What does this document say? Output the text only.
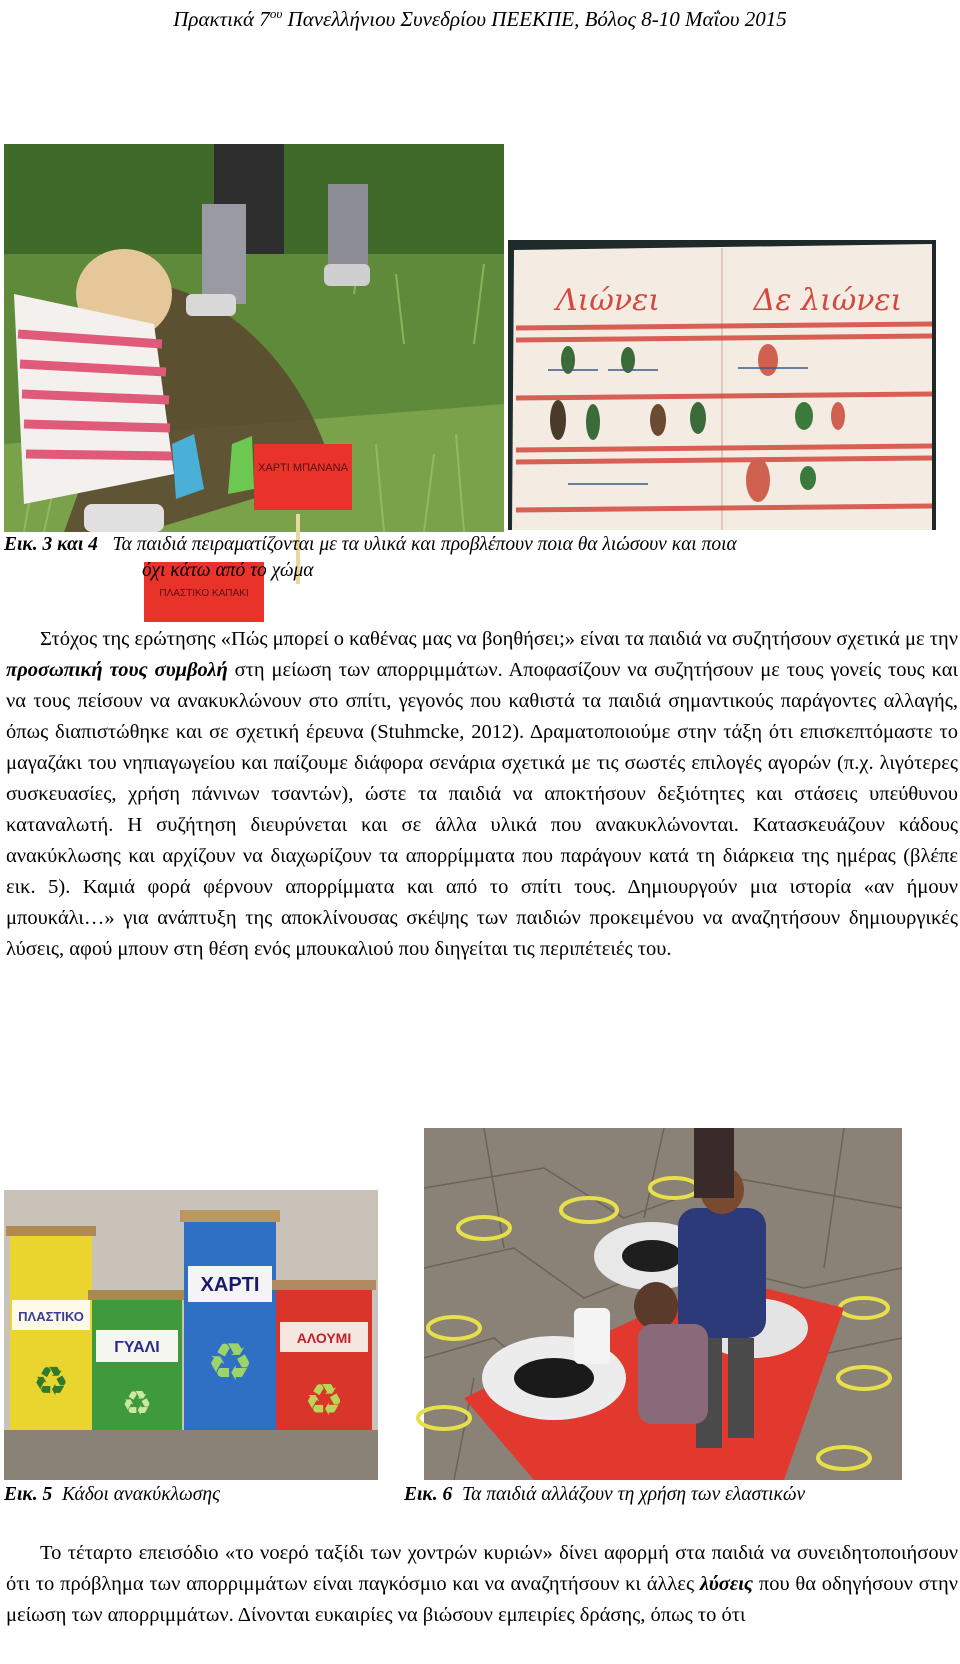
Πρακτικά $7^{o\upsilon}$ Πανελλήνιου Συνεδρίου ΠΕΕΚΠΕ, Βόλος 8-10 Μαΐου 2015
ΧΑΡΤΙ ΜΠΑΝΑΝΑ
ΠΛΑΣΤΙΚΟ ΚΑΠΑΚΙ
Λιώνει	Δε λιώνει
Εικ. 3 και 4 Τα παιδιά πειραματίζονται με τα υλικά και προβλέπουν ποια θα λιώσουν και ποια
όχι κάτω από το χώμα
Στόχος της ερώτησης «Πώς μπορεί ο καθένας μας να βοηθήσει;» είναι τα παιδιά να συζητήσουν σχετικά με την προσωπική τους συμβολή στη μείωση των απορριμμάτων. Αποφασίζουν να συζητήσουν με τους γονείς τους και να τους πείσουν να ανακυκλώνουν στο σπίτι, γεγονός που καθιστά τα παιδιά σημαντικούς παράγοντες αλλαγής, όπως διαπιστώθηκε και σε σχετική έρευνα (Stuhmcke, 2012). Δραματοποιούμε στην τάξη ότι επισκεπτόμαστε το μαγαζάκι του νηπιαγωγείου και παίζουμε διάφορα σενάρια σχετικά με τις σωστές επιλογές αγορών (π.χ. λιγότερες συσκευασίες, χρήση πάνινων τσαντών), ώστε τα παιδιά να αποκτήσουν δεξιότητες και στάσεις υπεύθυνου καταναλωτή. Η συζήτηση διευρύνεται και σε άλλα υλικά που ανακυκλώνονται. Κατασκευάζουν κάδους ανακύκλωσης και αρχίζουν να διαχωρίζουν τα απορρίμματα που παράγουν κατά τη διάρκεια της ημέρας (βλέπε εικ. 5). Καμιά φορά φέρνουν απορρίμματα και από το σπίτι τους. Δημιουργούν μια ιστορία «αν ήμουν μπουκάλι…» για ανάπτυξη της αποκλίνουσας σκέψης των παιδιών προκειμένου να αναζητήσουν δημιουργικές λύσεις, αφού μπουν στη θέση ενός μπουκαλιού που διηγείται τις περιπέτειές του.
ΠΛΑΣΤΙΚΟ
♻
ΓΥΑΛΙ
♻
ΧΑΡΤΙ
♻	ΑΛΟΥΜΙ
♻
Εικ. 5 Κάδοι ανακύκλωσης	Εικ. 6 Τα παιδιά αλλάζουν τη χρήση των ελαστικών
Το τέταρτο επεισόδιο «το νοερό ταξίδι των χοντρών κυριών» δίνει αφορμή στα παιδιά να συνειδητοποιήσουν ότι το πρόβλημα των απορριμμάτων είναι παγκόσμιο και να αναζητήσουν κι άλλες λύσεις που θα οδηγήσουν στην μείωση των απορριμμάτων. Δίνονται ευκαιρίες να βιώσουν εμπειρίες δράσης, όπως το ότι
